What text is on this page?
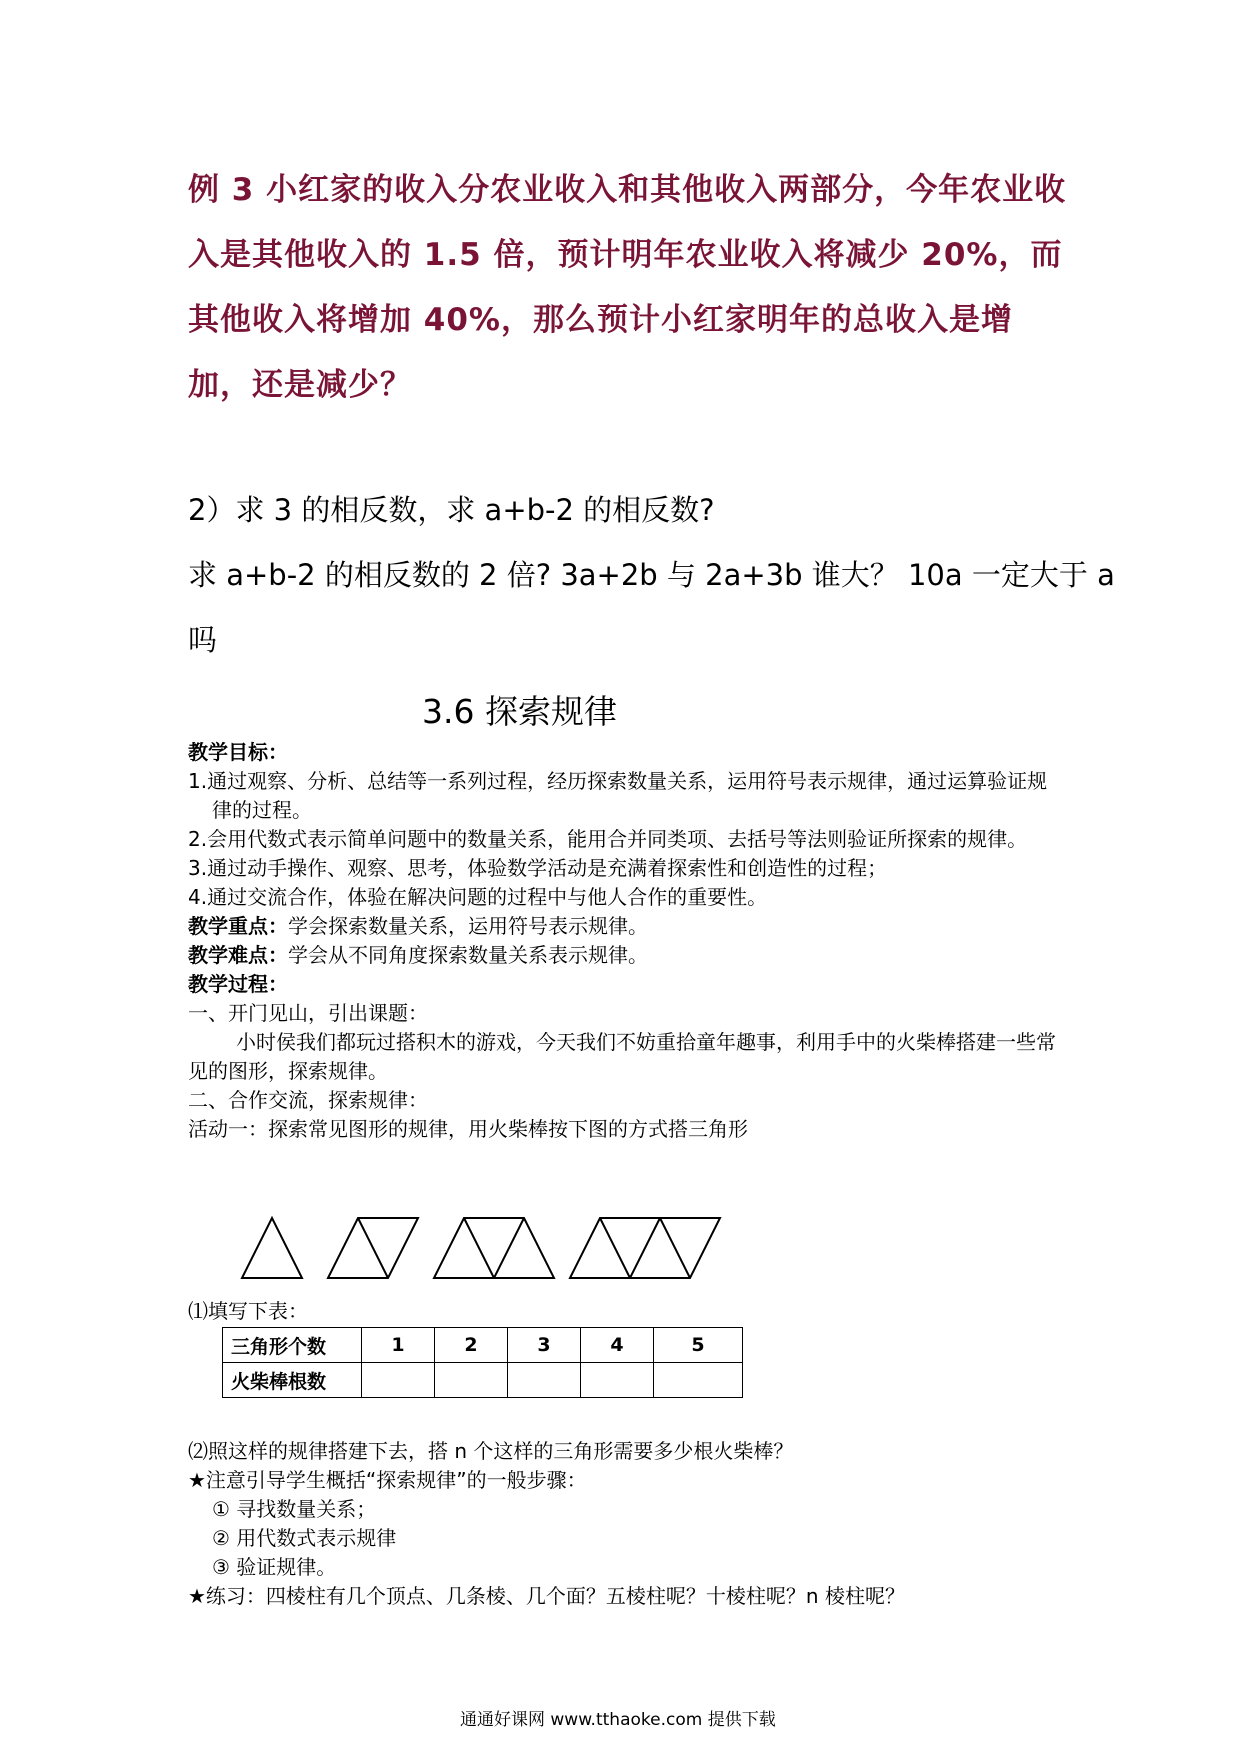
例 3 小红家的收入分农业收入和其他收入两部分，今年农业收入是其他收入的 1.5 倍，预计明年农业收入将减少 20%，而其他收入将增加 40%，那么预计小红家明年的总收入是增加，还是减少？
2）求 3 的相反数，求 a+b-2 的相反数?
求 a+b-2 的相反数的 2 倍? 3a+2b 与 2a+3b 谁大？ 10a 一定大于 a
吗
3.6 探索规律
教学目标：
1.通过观察、分析、总结等一系列过程，经历探索数量关系，运用符号表示规律，通过运算验证规律的过程。
2.会用代数式表示简单问题中的数量关系，能用合并同类项、去括号等法则验证所探索的规律。
3.通过动手操作、观察、思考，体验数学活动是充满着探索性和创造性的过程；
4.通过交流合作，体验在解决问题的过程中与他人合作的重要性。
教学重点：学会探索数量关系，运用符号表示规律。
教学难点：学会从不同角度探索数量关系表示规律。
教学过程：
一、开门见山，引出课题：
小时侯我们都玩过搭积木的游戏，今天我们不妨重拾童年趣事，利用手中的火柴棒搭建一些常见的图形，探索规律。
二、合作交流，探索规律：
活动一：探索常见图形的规律，用火柴棒按下图的方式搭三角形
⑴填写下表：
三角形个数	1	2	3	4	5
火柴棒根数					
⑵照这样的规律搭建下去，搭 n 个这样的三角形需要多少根火柴棒？
★注意引导学生概括“探索规律”的一般步骤：
① 寻找数量关系；
② 用代数式表示规律
③ 验证规律。
★练习：四棱柱有几个顶点、几条棱、几个面？五棱柱呢？十棱柱呢？n 棱柱呢？
通通好课网 www.tthaoke.com 提供下载
